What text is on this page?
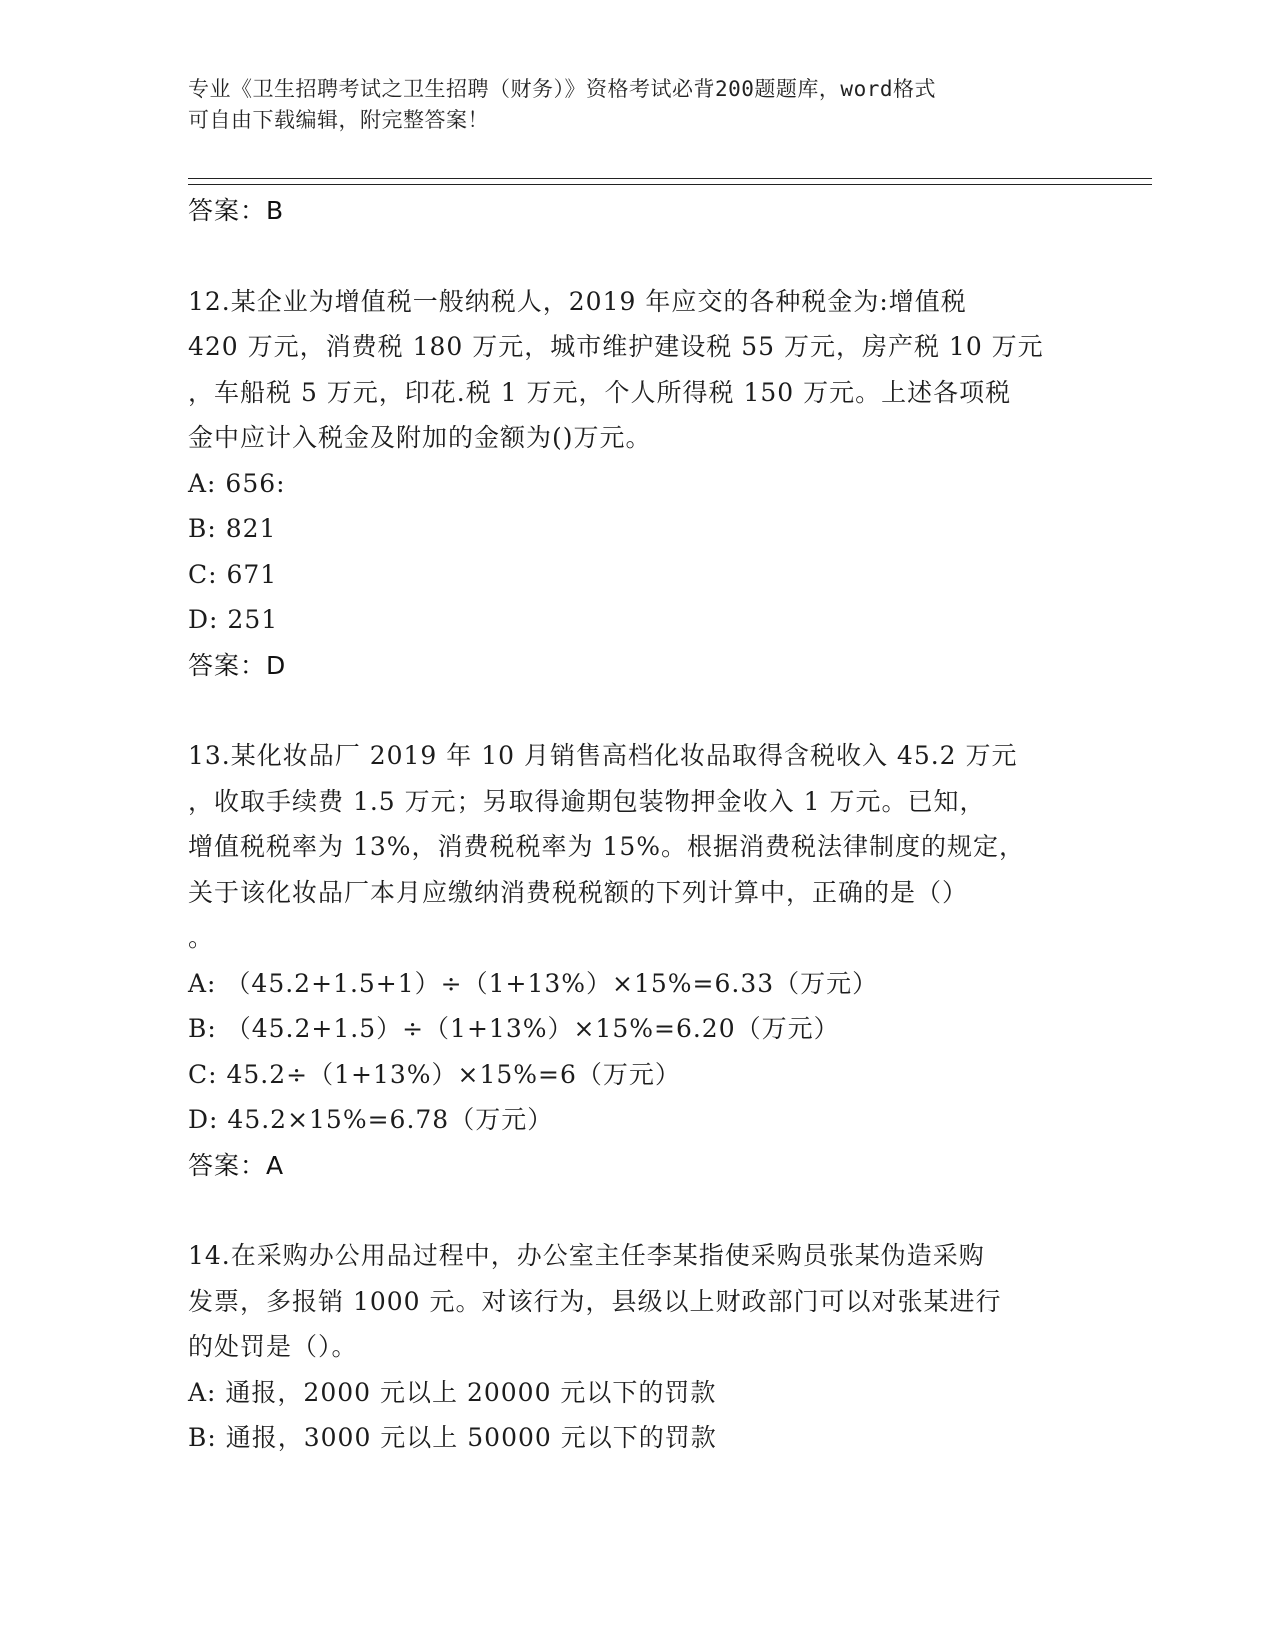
专业《卫生招聘考试之卫生招聘（财务）》资格考试必背200题题库，word格式
可自由下载编辑，附完整答案！
答案：B
12.某企业为增值税一般纳税人，2019 年应交的各种税金为:增值税
420 万元，消费税 180 万元，城市维护建设税 55 万元，房产税 10 万元
，车船税 5 万元，印花.税 1 万元，个人所得税 150 万元。上述各项税
金中应计入税金及附加的金额为()万元。
A: 656:
B: 821
C: 671
D: 251
答案：D
13.某化妆品厂 2019 年 10 月销售高档化妆品取得含税收入 45.2 万元
，收取手续费 1.5 万元；另取得逾期包装物押金收入 1 万元。已知，
增值税税率为 13%，消费税税率为 15%。根据消费税法律制度的规定，
关于该化妆品厂本月应缴纳消费税税额的下列计算中，正确的是（）
。
A: （45.2+1.5+1）÷（1+13%）×15%=6.33（万元）
B: （45.2+1.5）÷（1+13%）×15%=6.20（万元）
C: 45.2÷（1+13%）×15%=6（万元）
D: 45.2×15%=6.78（万元）
答案：A
14.在采购办公用品过程中，办公室主任李某指使采购员张某伪造采购
发票，多报销 1000 元。对该行为，县级以上财政部门可以对张某进行
的处罚是（）。
A: 通报，2000 元以上 20000 元以下的罚款
B: 通报，3000 元以上 50000 元以下的罚款
